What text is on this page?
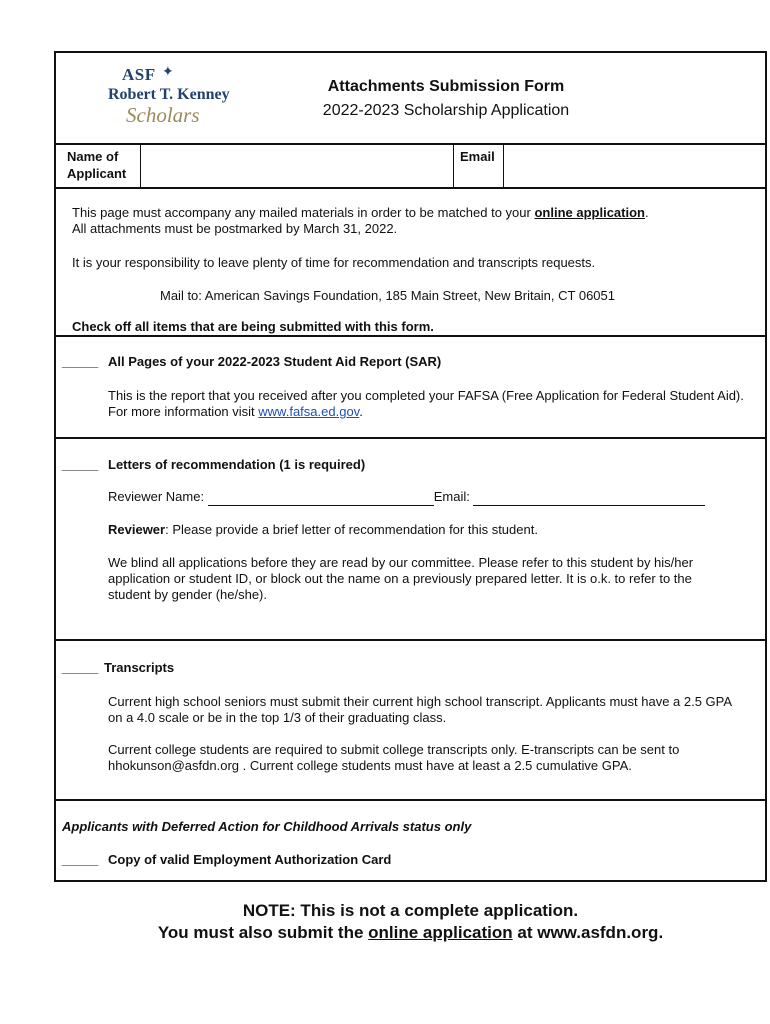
ASF ✦
Robert T. Kenney
Scholars
Attachments Submission Form
2022-2023 Scholarship Application
Name of Applicant
Email
This page must accompany any mailed materials in order to be matched to your online application.
All attachments must be postmarked by March 31, 2022.
It is your responsibility to leave plenty of time for recommendation and transcripts requests.
Mail to: American Savings Foundation, 185 Main Street, New Britain, CT 06051
Check off all items that are being submitted with this form.
_____ All Pages of your 2022-2023 Student Aid Report (SAR)
This is the report that you received after you completed your FAFSA (Free Application for Federal Student Aid). For more information visit www.fafsa.ed.gov.
_____ Letters of recommendation (1 is required)
Reviewer Name:	Email:
Reviewer: Please provide a brief letter of recommendation for this student.
We blind all applications before they are read by our committee. Please refer to this student by his/her application or student ID, or block out the name on a previously prepared letter. It is o.k. to refer to the student by gender (he/she).
_____ Transcripts
Current high school seniors must submit their current high school transcript. Applicants must have a 2.5 GPA on a 4.0 scale or be in the top 1/3 of their graduating class.
Current college students are required to submit college transcripts only. E-transcripts can be sent to hhokunson@asfdn.org . Current college students must have at least a 2.5 cumulative GPA.
Applicants with Deferred Action for Childhood Arrivals status only
_____ Copy of valid Employment Authorization Card
NOTE: This is not a complete application.
You must also submit the online application at www.asfdn.org.
